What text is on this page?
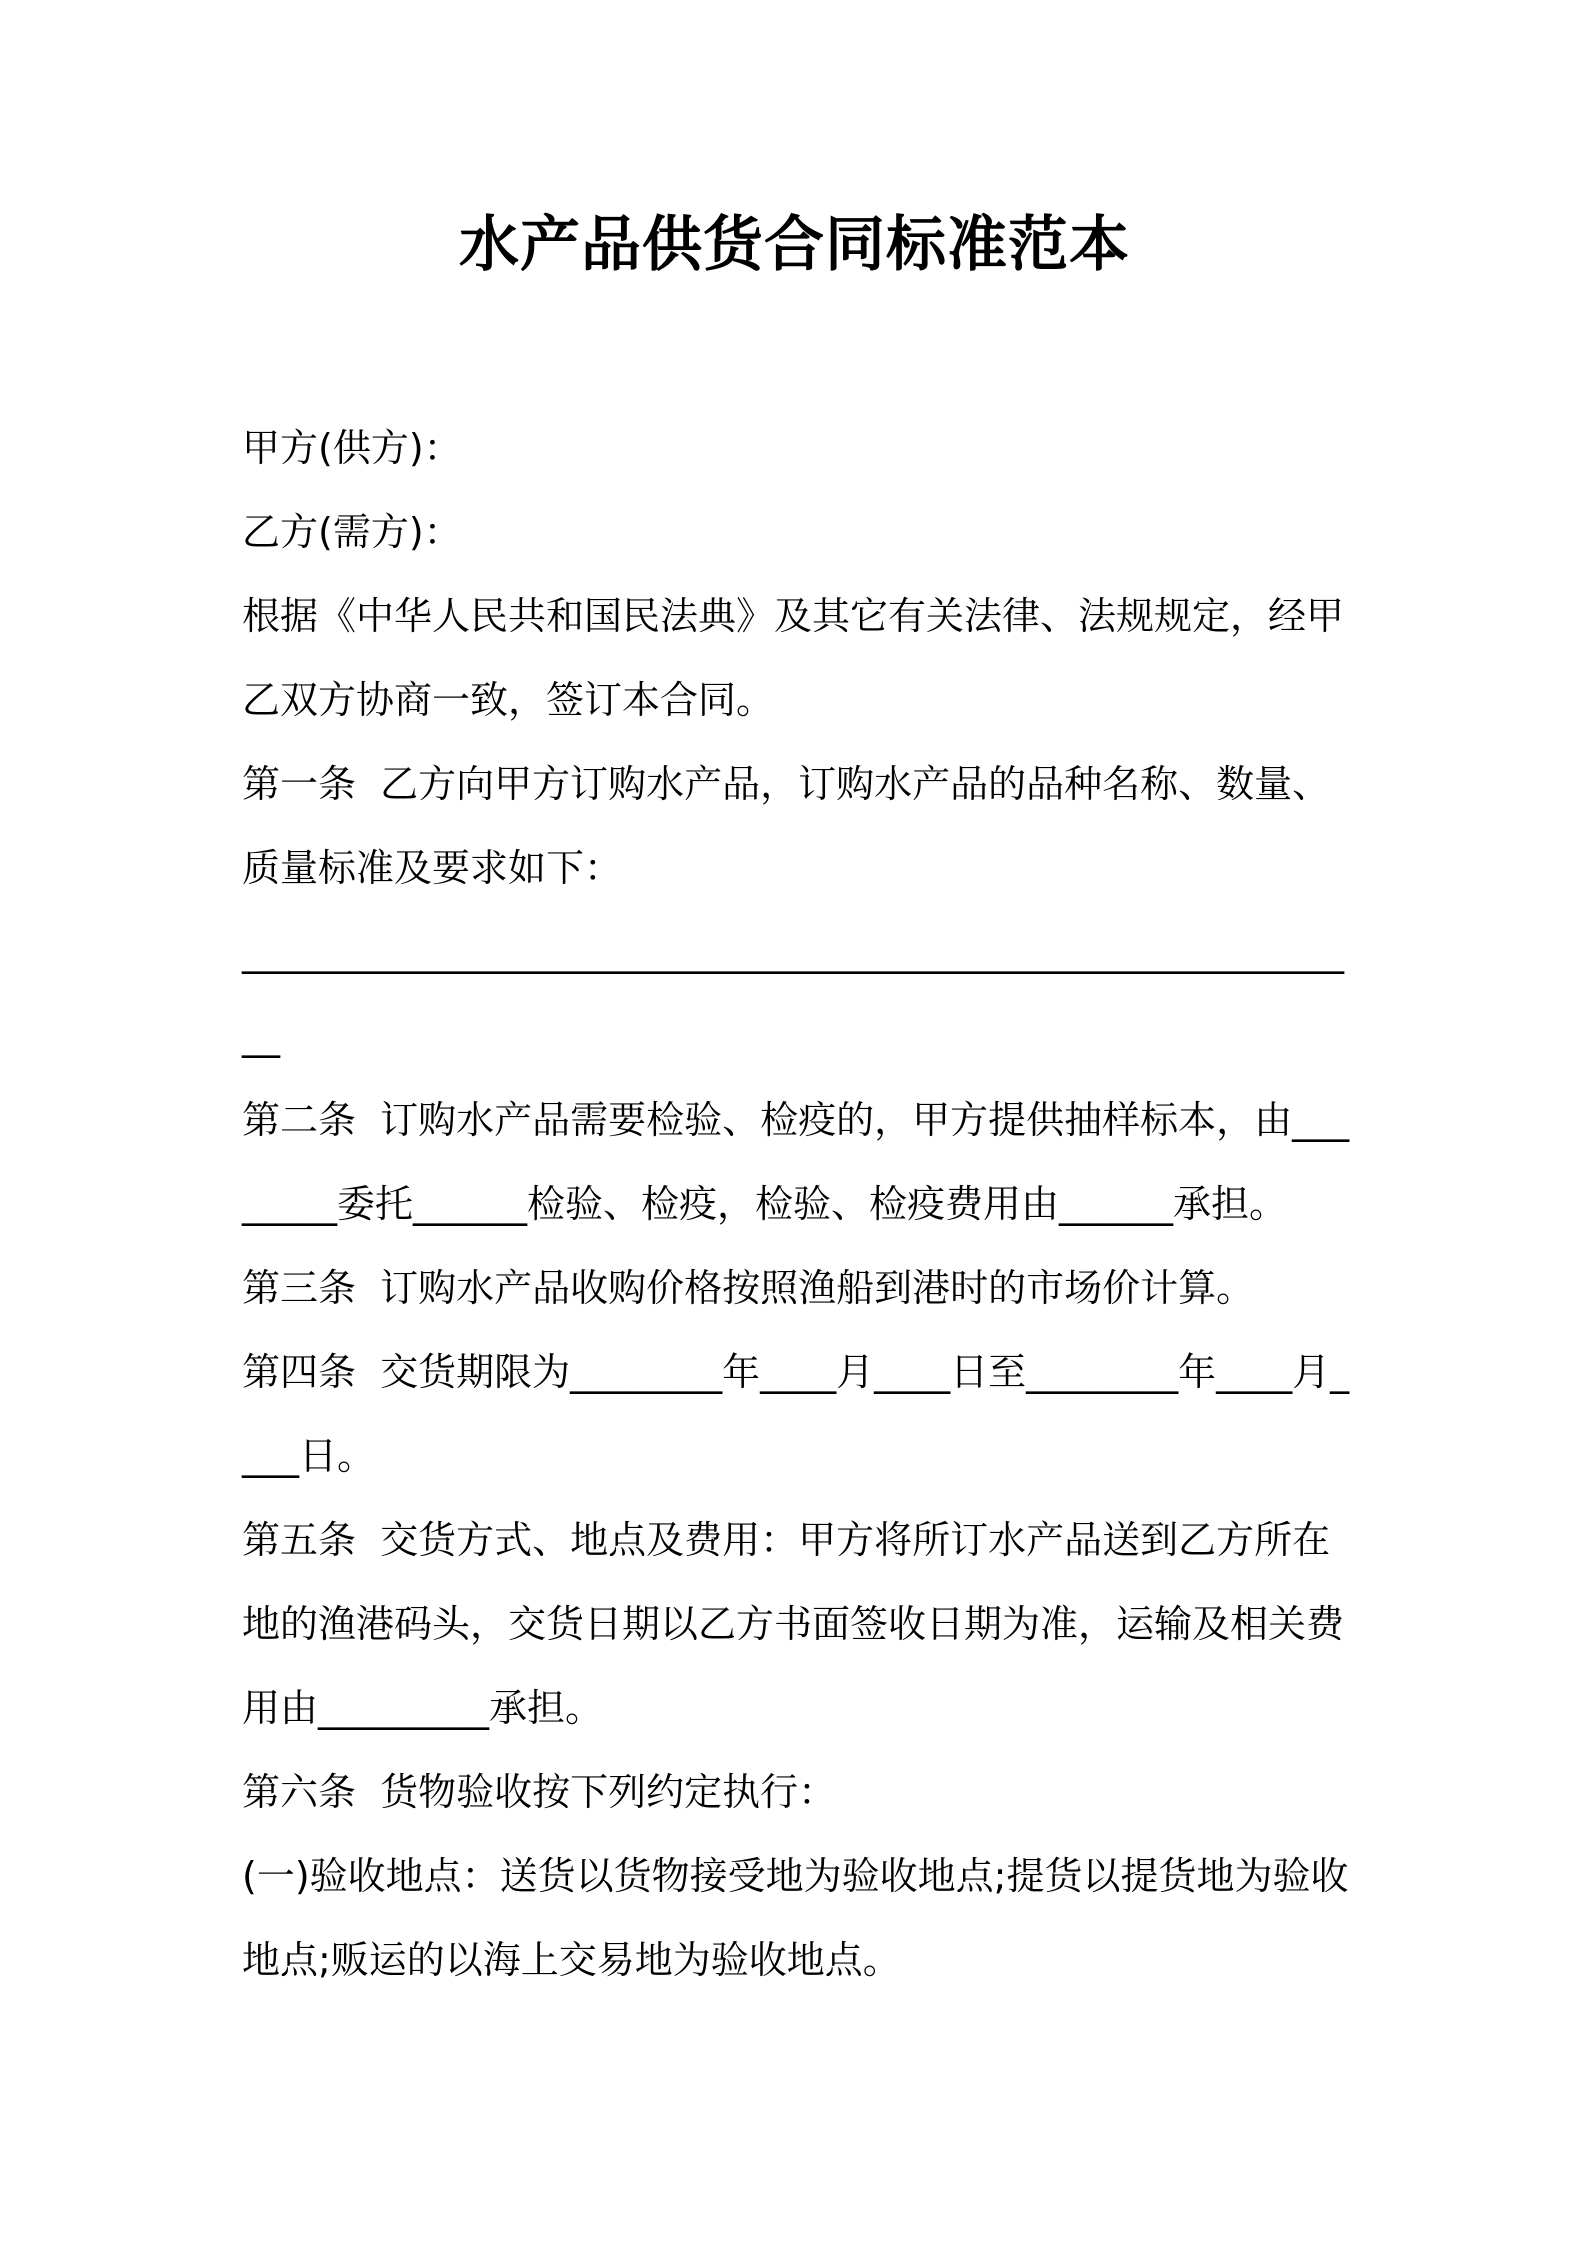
水产品供货合同标准范本

甲方(供方)：

乙方(需方)：

根据《中华人民共和国民法典》及其它有关法律、法规规定，经甲乙双方协商一致，签订本合同。

第一条  乙方向甲方订购水产品，订购水产品的品种名称、数量、质量标准及要求如下：

____________________________________________________________

第二条  订购水产品需要检验、检疫的，甲方提供抽样标本，由________委托______检验、检疫，检验、检疫费用由______承担。

第三条  订购水产品收购价格按照渔船到港时的市场价计算。

第四条  交货期限为________年____月____日至________年____月____日。

第五条  交货方式、地点及费用：甲方将所订水产品送到乙方所在地的渔港码头，交货日期以乙方书面签收日期为准，运输及相关费用由_________承担。

第六条  货物验收按下列约定执行：

(一)验收地点：送货以货物接受地为验收地点;提货以提货地为验收地点;贩运的以海上交易地为验收地点。
